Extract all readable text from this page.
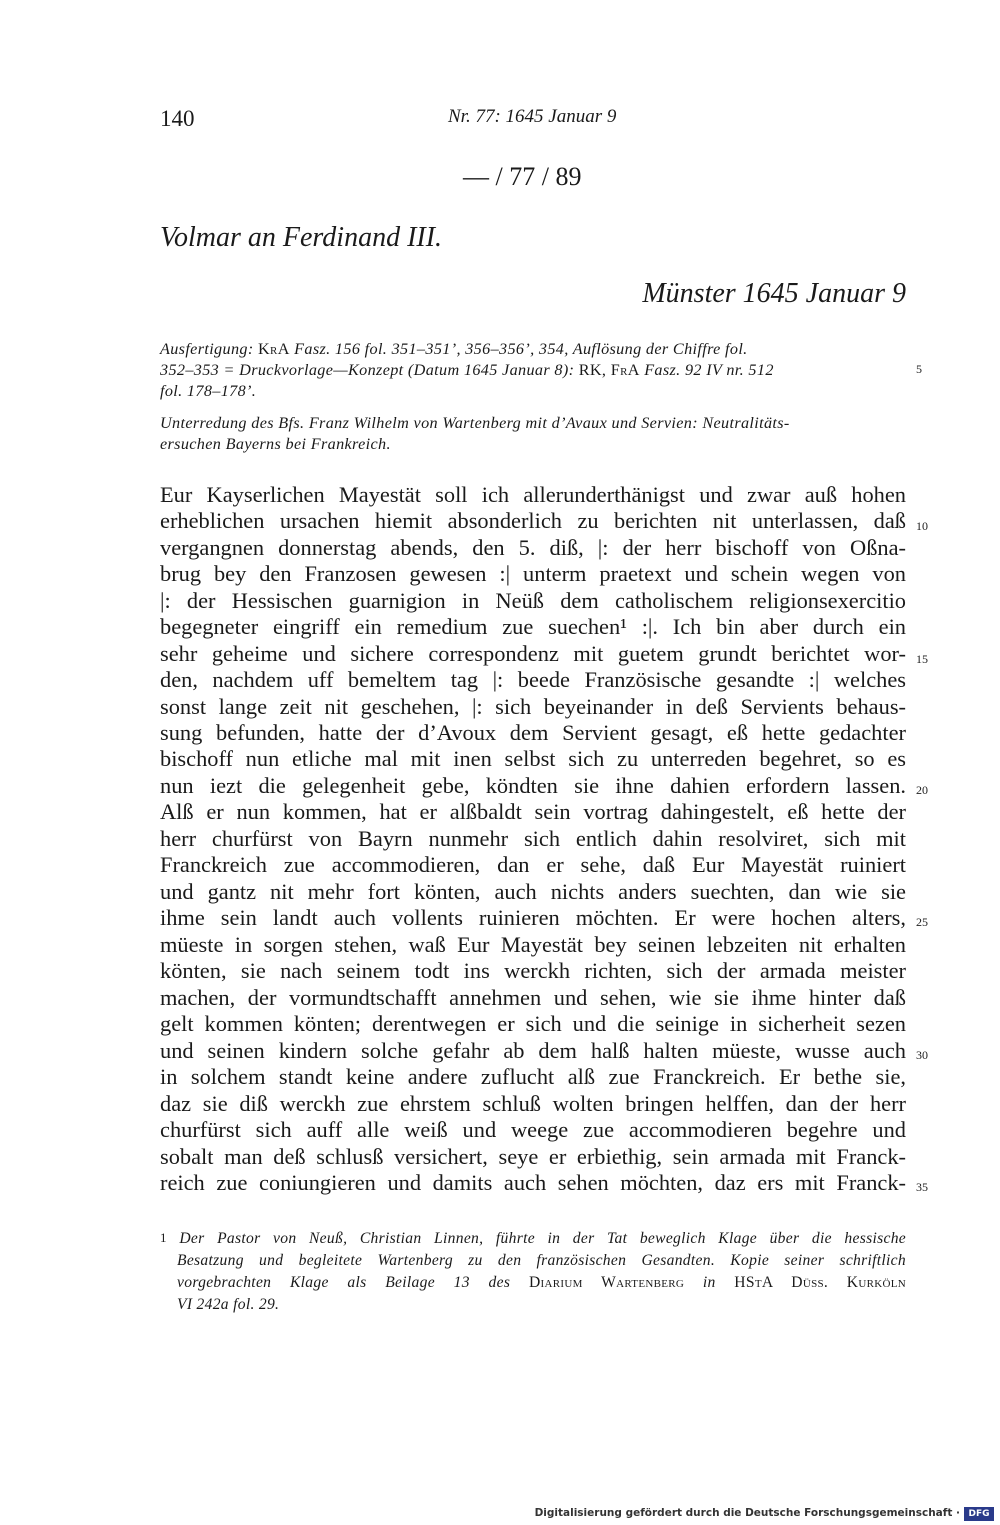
140	Nr. 77: 1645 Januar 9
— / 77 / 89
Volmar an Ferdinand III.
Münster 1645 Januar 9
Ausfertigung: KrA Fasz. 156 fol. 351–351’, 356–356’, 354, Auflösung der Chiffre fol.
352–353 = Druckvorlage—Konzept (Datum 1645 Januar 8): RK, FrA Fasz. 92 IV nr. 512
fol. 178–178’.
Unterredung des Bfs. Franz Wilhelm von Wartenberg mit d’Avaux und Servien: Neutralitäts-
ersuchen Bayerns bei Frankreich.
5
10
15
20
25
30
35
Eur Kayserlichen Mayestät soll ich allerunderthänigst und zwar auß hohen
erheblichen ursachen hiemit absonderlich zu berichten nit unterlassen, daß
vergangnen donnerstag abends, den 5. diß, |: der herr bischoff von Oßna-
brug bey den Franzosen gewesen :| unterm praetext und schein wegen von
|: der Hessischen guarnigion in Neüß dem catholischem religionsexercitio
begegneter eingriff ein remedium zue suechen¹ :|. Ich bin aber durch ein
sehr geheime und sichere correspondenz mit guetem grundt berichtet wor-
den, nachdem uff bemeltem tag |: beede Französische gesandte :| welches
sonst lange zeit nit geschehen, |: sich beyeinander in deß Servients behaus-
sung befunden, hatte der d’Avoux dem Servient gesagt, eß hette gedachter
bischoff nun etliche mal mit inen selbst sich zu unterreden begehret, so es
nun iezt die gelegenheit gebe, köndten sie ihne dahien erfordern lassen.
Alß er nun kommen, hat er alßbaldt sein vortrag dahingestelt, eß hette der
herr churfürst von Bayrn nunmehr sich entlich dahin resolviret, sich mit
Franckreich zue accommodieren, dan er sehe, daß Eur Mayestät ruiniert
und gantz nit mehr fort könten, auch nichts anders suechten, dan wie sie
ihme sein landt auch vollents ruinieren möchten. Er were hochen alters,
müeste in sorgen stehen, waß Eur Mayestät bey seinen lebzeiten nit erhalten
könten, sie nach seinem todt ins werckh richten, sich der armada meister
machen, der vormundtschafft annehmen und sehen, wie sie ihme hinter daß
gelt kommen könten; derentwegen er sich und die seinige in sicherheit sezen
und seinen kindern solche gefahr ab dem halß halten müeste, wusse auch
in solchem standt keine andere zuflucht alß zue Franckreich. Er bethe sie,
daz sie diß werckh zue ehrstem schluß wolten bringen helffen, dan der herr
churfürst sich auff alle weiß und weege zue accommodieren begehre und
sobalt man deß schlusß versichert, seye er erbiethig, sein armada mit Franck-
reich zue coniungieren und damits auch sehen möchten, daz ers mit Franck-
$^1$ Der Pastor von Neuß, Christian Linnen, führte in der Tat beweglich Klage über die hessische
Besatzung und begleitete Wartenberg zu den französischen Gesandten. Kopie seiner schriftlich
vorgebrachten Klage als Beilage 13 des Diarium Wartenberg in HStA Düss. Kurköln
VI 242a fol. 29.
Digitalisierung gefördert durch die Deutsche Forschungsgemeinschaft · DFG
